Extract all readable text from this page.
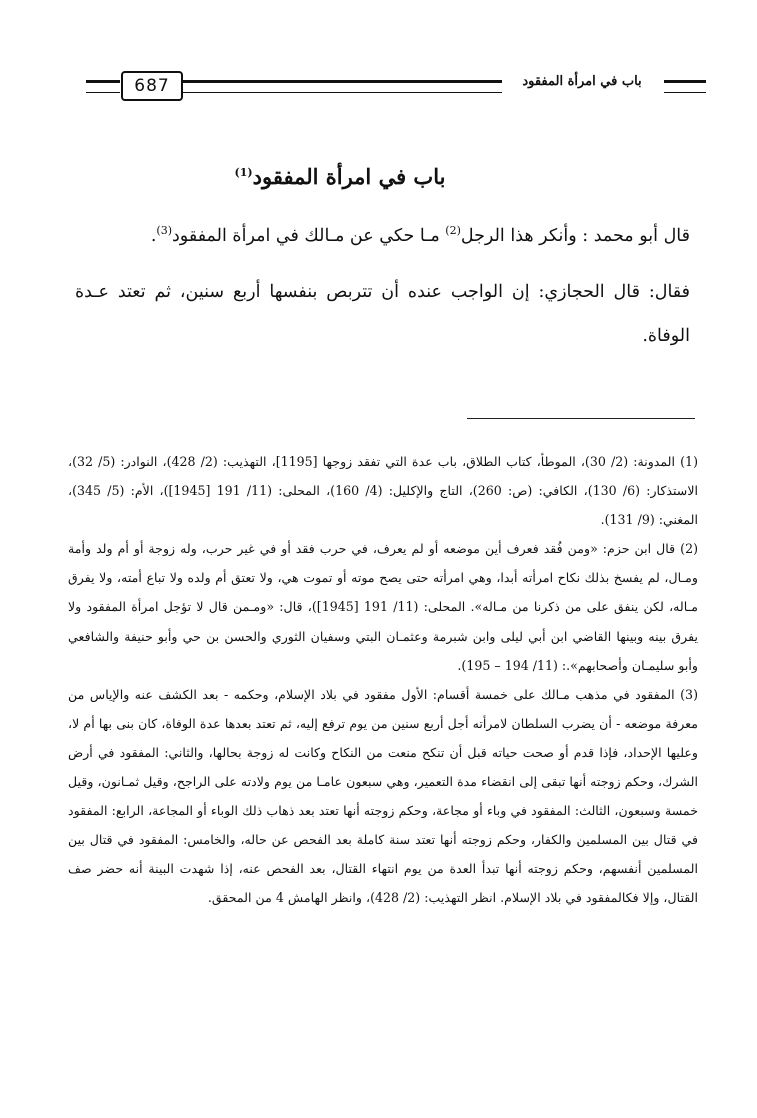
687	باب في امرأة المفقود
باب في امرأة المفقود$^{(1)}$
قال أبو محمد : وأنكر هذا الرجل$^{(2)}$ مـا حكي عن مـالك في امرأة المفقود$^{(3)}$.
فقال: قال الحجازي: إن الواجب عنده أن تتربص بنفسها أربع سنين، ثم تعتد عـدة الوفاة.

(1) المدونة: (2/ 30)، الموطأ، كتاب الطلاق، باب عدة التي تفقد زوجها [1195]، التهذيب: (2/ 428)، النوادر: (5/ 32)، الاستذكار: (6/ 130)، الكافي: (ص: 260)، التاج والإكليل: (4/ 160)، المحلى: (11/ 191 [1945])، الأم: (5/ 345)، المغني: (9/ 131).

(2) قال ابن حزم: «ومن فُقد فعرف أين موضعه أو لم يعرف، في حرب فقد أو في غير حرب، وله زوجة أو أم ولد وأمة ومـال، لم يفسخ بذلك نكاح امرأته أبدا، وهي امرأته حتى يصح موته أو تموت هي، ولا تعتق أم ولده ولا تباع أمته، ولا يفرق مـاله، لكن ينفق على من ذكرنا من مـاله». المحلى: (11/ 191 [1945])، قال: «ومـمن قال لا تؤجل امرأة المفقود ولا يفرق بينه وبينها القاضي ابن أبي ليلى وابن شبرمة وعثمـان البتي وسفيان الثوري والحسن بن حي وأبو حنيفة والشافعي وأبو سليمـان وأصحابهم».: (11/ 194 – 195).

(3) المفقود في مذهب مـالك على خمسة أقسام: الأول مفقود في بلاد الإسلام، وحكمه - بعد الكشف عنه والإياس من معرفة موضعه - أن يضرب السلطان لامرأته أجل أربع سنين من يوم ترفع إليه، ثم تعتد بعدها عدة الوفاة، كان بنى بها أم لا، وعليها الإحداد، فإذا قدم أو صحت حياته قبل أن تنكح منعت من النكاح وكانت له زوجة بحالها، والثاني: المفقود في أرض الشرك، وحكم زوجته أنها تبقى إلى انقضاء مدة التعمير، وهي سبعون عامـا من يوم ولادته على الراجح، وقيل ثمـانون، وقيل خمسة وسبعون، الثالث: المفقود في وباء أو مجاعة، وحكم زوجته أنها تعتد بعد ذهاب ذلك الوباء أو المجاعة، الرابع: المفقود في قتال بين المسلمين والكفار، وحكم زوجته أنها تعتد سنة كاملة بعد الفحص عن حاله، والخامس: المفقود في قتال بين المسلمين أنفسهم، وحكم زوجته أنها تبدأ العدة من يوم انتهاء القتال، بعد الفحص عنه، إذا شهدت البينة أنه حضر صف القتال، وإلا فكالمفقود في بلاد الإسلام. انظر التهذيب: (2/ 428)، وانظر الهامش 4 من المحقق.
